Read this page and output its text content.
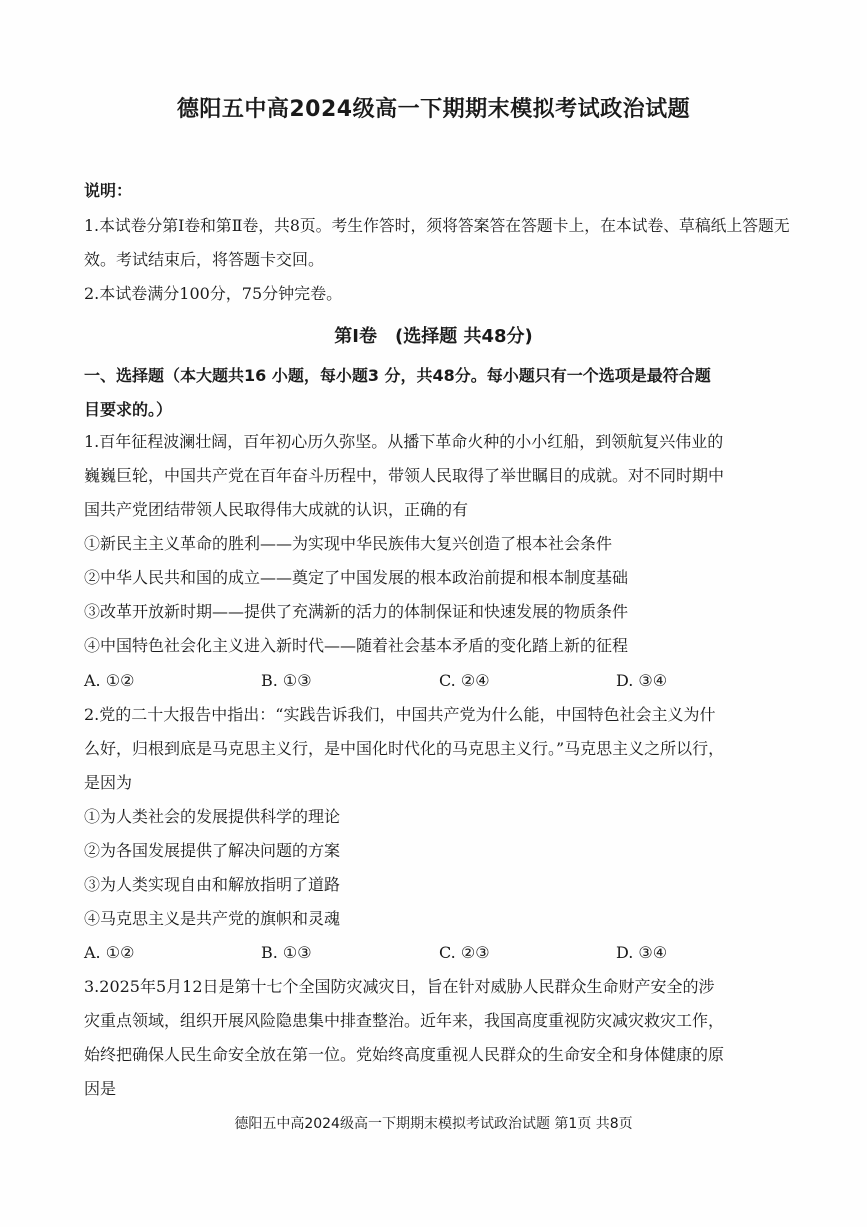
德阳五中高2024级高一下期期末模拟考试政治试题
说明：
1.本试卷分第Ⅰ卷和第Ⅱ卷，共8页。考生作答时，须将答案答在答题卡上，在本试卷、草稿纸上答题无
效。考试结束后，将答题卡交回。
2.本试卷满分100分，75分钟完卷。
第Ⅰ卷　(选择题 共48分)
一、选择题（本大题共16 小题，每小题3 分，共48分。每小题只有一个选项是最符合题
目要求的。）
1.百年征程波澜壮阔，百年初心历久弥坚。从播下革命火种的小小红船，到领航复兴伟业的
巍巍巨轮，中国共产党在百年奋斗历程中，带领人民取得了举世瞩目的成就。对不同时期中
国共产党团结带领人民取得伟大成就的认识，正确的有
①新民主主义革命的胜利——为实现中华民族伟大复兴创造了根本社会条件
②中华人民共和国的成立——奠定了中国发展的根本政治前提和根本制度基础
③改革开放新时期——提供了充满新的活力的体制保证和快速发展的物质条件
④中国特色社会化主义进入新时代——随着社会基本矛盾的变化踏上新的征程
A. ①②	B. ①③	C. ②④	D. ③④
2.党的二十大报告中指出：“实践告诉我们，中国共产党为什么能，中国特色社会主义为什
么好，归根到底是马克思主义行，是中国化时代化的马克思主义行。”马克思主义之所以行，
是因为
①为人类社会的发展提供科学的理论
②为各国发展提供了解决问题的方案
③为人类实现自由和解放指明了道路
④马克思主义是共产党的旗帜和灵魂
A. ①②	B. ①③	C. ②③	D. ③④
3.2025年5月12日是第十七个全国防灾减灾日，旨在针对威胁人民群众生命财产安全的涉
灾重点领域，组织开展风险隐患集中排查整治。近年来，我国高度重视防灾减灾救灾工作，
始终把确保人民生命安全放在第一位。党始终高度重视人民群众的生命安全和身体健康的原
因是
德阳五中高2024级高一下期期末模拟考试政治试题 第1页 共8页
